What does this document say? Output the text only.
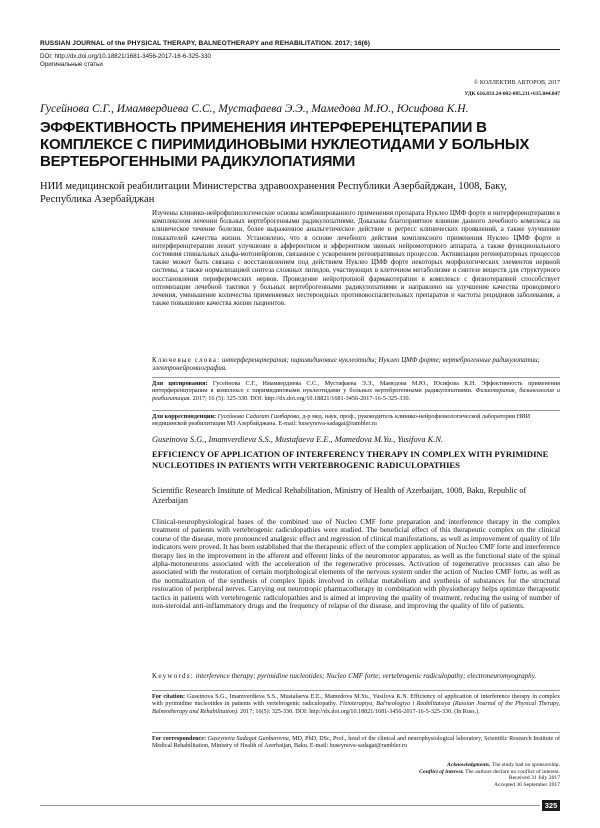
RUSSIAN JOURNAL of the PHYSICAL THERAPY, BALNEOTHERAPY and REHABILITATION. 2017; 16(6)
DOI: http://dx.doi.org/10.18821/1681-3456-2017-16-6-325-330
Оригинальные статьи
© КОЛЛЕКТИВ АВТОРОВ, 2017
УДК 616.833.24-002-085.211+615.844.847
Гусейнова С.Г., Имамвердиева С.С., Мустафаева Э.Э., Мамедова М.Ю., Юсифова К.Н.
ЭФФЕКТИВНОСТЬ ПРИМЕНЕНИЯ ИНТЕРФЕРЕНЦТЕРАПИИ В КОМПЛЕКСЕ С ПИРИМИДИНОВЫМИ НУКЛЕОТИДАМИ У БОЛЬНЫХ ВЕРТЕБРОГЕННЫМИ РАДИКУЛОПАТИЯМИ
НИИ медицинской реабилитации Министерства здравоохранения Республики Азербайджан, 1008, Баку, Республика Азербайджан
Изучены клинико-нейрофизиологические основы комбинированного применения препарата Нуклео ЦМФ форте и интерференцтерапии в комплексном лечении больных вертеброгенными радикулопатиями. Доказаны благоприятное влияние данного лечебного комплекса на клиническое течение болезни, более выраженное анальгетическое действие и регресс клинических проявлений, а также улучшение показателей качества жизни. Установлено, что в основе лечебного действия комплексного применения Нуклео ЦМФ форте и интерференцтерапии лежит улучшение в афферентном и эфферентном звеньях нейромоторного аппарата, а также функционального состояния спинальных альфа-мотонейронов, связанное с ускорением регенеративных процессов. Активизация регенераторных процессов также может быть связана с восстановлением под действием Нуклео ЦМФ форте некоторых морфологических элементов нервной системы, а также нормализацией синтеза сложных липидов, участвующих в клеточном метаболизме и синтезе веществ для структурного восстановления периферических нервов. Проведение нейротропной фармакотерапии в комплексе с физиотерапией способствует оптимизации лечебной тактики у больных вертеброгенными радикулопатиями и направлено на улучшение качества проводимого лечения, уменьшение количества применяемых нестероидных противовоспалительных препаратов и частоты рецидивов заболевания, а также повышение качества жизни пациентов.
Ключевые слова: интерференцтерапия; пиримидиновые нуклеотиды; Нуклео ЦМФ форте; вертеброгенные радикулопатии; электронейромиография.
Для цитирования: Гусейнова С.Г., Имамвердиева С.С., Мустафаева Э.Э., Мамедова М.Ю., Юсифова К.Н. Эффективность применения интерференцтерапии в комплексе с пиримидиновыми нуклеотидами у больных вертеброгенными радикулопатиями. Физиотерапия, бальнеология и реабилитация. 2017; 16 (5): 325-330. DOI: http://dx.doi.org/10.18821/1681-3456-2017-16-5-325-330.
Для корреспонденции: Гусейнова Садагат Гамбарова, д-р мед. наук, проф., руководитель клинико-нейрофизиологической лаборатории НИИ медицинской реабилитации МЗ Азербайджана. E-mail: huseynova-sadagat@rambler.ru
Guseinova S.G., Imamverdieva S.S., Mustafaeva E.E., Mamedova M.Yu., Yusifova K.N.
EFFICIENCY OF APPLICATION OF INTERFERENCY THERAPY IN COMPLEX WITH PYRIMIDINE NUCLEOTIDES IN PATIENTS WITH VERTEBROGENIC RADICULOPATHIES
Scientific Research Institute of Medical Rehabilitation, Ministry of Health of Azerbaijan, 1008, Baku, Republic of Azerbaijan
Clinical-neurophysiological bases of the combined use of Nucleo CMF forte preparation and interference therapy in the complex treatment of patients with vertebrogenic radiculopathies were studied. The beneficial effect of this therapeutic complex on the clinical course of the disease, more pronounced analgesic effect and regression of clinical manifestations, as well as improvement of quality of life indicators were proved. It has been established that the therapeutic effect of the complex application of Nucleo CMF forte and interference therapy lies in the improvement in the afferent and efferent links of the neuromotor apparatus, as well as the functional state of the spinal alpha-motoneurons associated with the acceleration of the regenerative processes. Activation of regenerative processes can also be associated with the restoration of certain morphological elements of the nervous system under the action of Nucleo CMF forte, as well as the normalization of the synthesis of complex lipids involved in cellular metabolism and synthesis of substances for the structural restoration of peripheral nerves. Carrying out neurotropic pharmacotherapy in combination with physiotherapy helps optimize therapeutic tactics in patients with vertebrogenic radiculopathies and is aimed at improving the quality of treatment, reducing the using of number of non-steroidal anti-inflammatory drugs and the frequency of relapse of the disease, and improving the quality of life of patients.
Keywords: interference therapy; pyrimidine nucleotides; Nucleo CMF forte; vertebrogenic radiculopathy; electroneuromyography.
For citation: Guseinova S.G., Imamverdieva S.S., Mustafaeva E.E., Mamedova M.Yu., Yusifova K.N. Efficiency of application of interference therapy in complex with pyrimidine nucleotides in patients with vertebrogenic radiculopathy. Fizioterapiya, Bal'neologiya i Reabilitatsiya (Russian Journal of the Physical Therapy, Balneotherapy and Rehabilitation). 2017; 16(5): 325-330. DOI: http://dx.doi.org/10.18821/1681-3456-2017-16-5-325-330. (In Russ.).
For correspondence: Guseynova Sadagat Ganbarovna, MD, PhD, DSc, Prof., head of the clinical and neurophysiological laboratory, Scientific Research Institute of Medical Rehabilitation, Ministry of Health of Azerbaijan, Baku. E-mail: huseynova-sadagat@rambler.ru
Acknowledgments. The study had no sponsorship.
Conflict of interest. The authors declare no conflict of interest.
Received 31 July 2017
Accepted 30 September 2017
325
